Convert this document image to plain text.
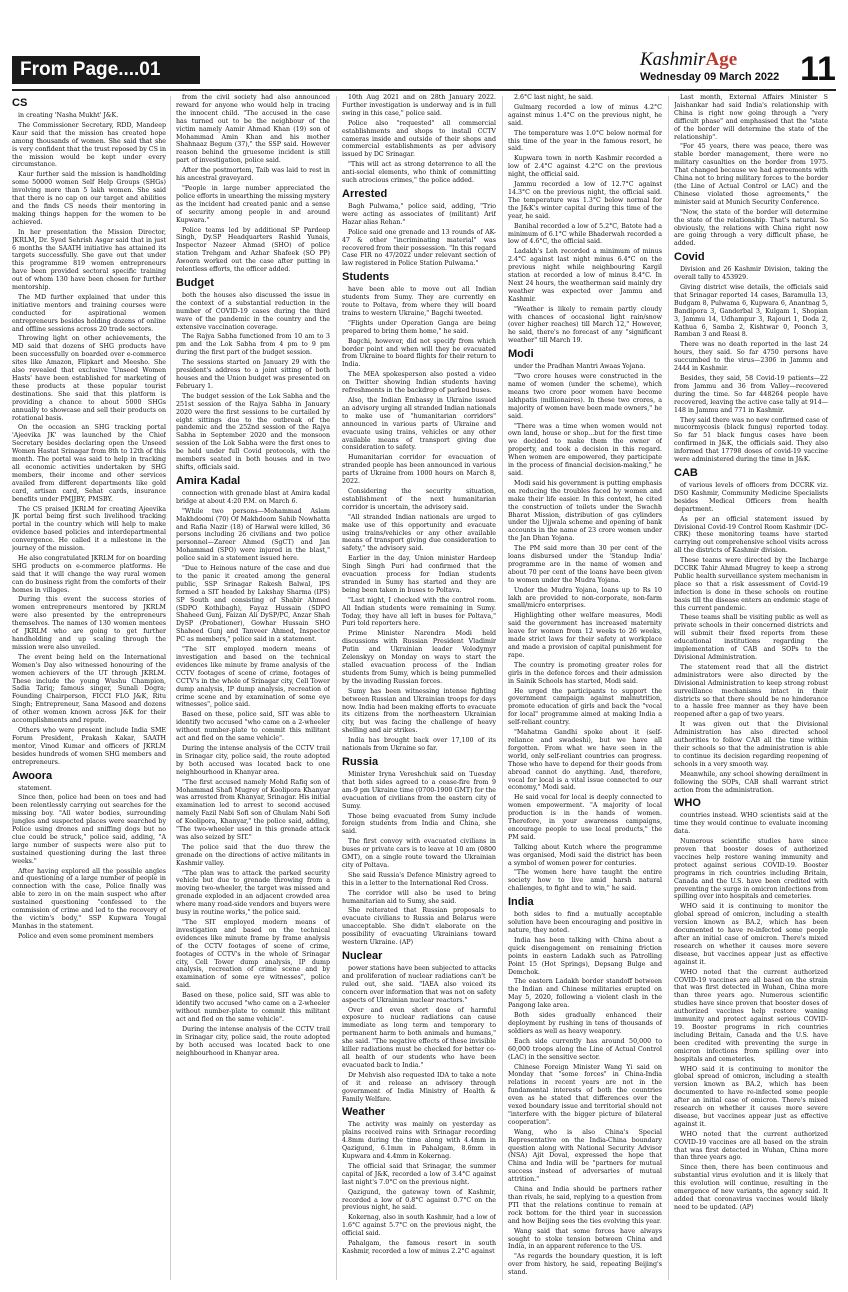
From Page....01	KashmirAge
Wednesday 09 March 2022 11
CS

in creating 'Nasha Mukht' J&K.

The Commissioner Secretary, RDD, Mandeep Kaur said that the mission has created hope among thousands of women. She said that she is very confident that the trust reposed by CS in the mission would be kept under every circumstance.

Kaur further said the mission is handholding some 50000 women Self Help Groups (SHGs) involving more than 5 lakh women. She said that there is no cap on our target and abilities and the finds CS needs their mentoring in making things happen for the women to be achieved.

In her presentation the Mission Director, JKRLM, Dr. Syed Sehrish Asgar said that in just 6 months the SAATH initiative has attained its targets successfully. She gave out that under this programme 819 women entrepreneurs have been provided sectoral specific training out of whom 130 have been chosen for further mentorship.

The MD further explained that under this initiative mentors and training courses were conducted for aspirational women entrepreneurs besides holding dozens of online and offline sessions across 20 trade sectors.

Throwing light on other achievements, the MD said that dozens of SHG products have been successfully on boarded over e-commerce sites like Amazon, Flipkart and Meesho. She also revealed that exclusive 'Unseed Women Hasts' have been established for marketing of these products at these popular tourist destinations. She said that this platform is providing a chance to about 5000 SHGs annually to showcase and sell their products on rotational basis.

On the occasion an SHG tracking portal 'Ajeevika JK' was launched by the Chief Secretary besides declaring open the Unseed Women Hastat Srinagar from 8th to 12th of this month. The portal was said to help in tracking all economic activities undertaken by SHG members, their income and other services availed from different departments like gold card, artisan card, Sehat cards, insurance benefits under PMJJBY, PMSBY.

The CS praised JKRLM for creating Ajeevika JK portal being first such livelihood tracking portal in the country which will help to make evidence based policies and interdepartmental convergence. He called it a milestone in the journey of the mission.

He also congratulated JKRLM for on boarding SHG products on e-commerce platforms. He said that it will change the way rural women can do business right from the comforts of their homes in villages.

During this event the success stories of women entrepreneurs mentored by JKRLM were also presented by the entrepreneurs themselves. The names of 130 women mentees of JKRLM who are going to get further handholding and up scaling through the mission were also unveiled.

The event being held on the International Women's Day also witnessed honouring of the women achievers of the UT through JKRLM. These include the young Wushu Champion, Sadia Tariq; famous singer, Sunali Dogra; Founding Chairperson, FICCI FLO J&K, Ritu Singh; Entrepreneur, Sana Masood and dozens of other women known across J&K for their accomplishments and repute.

Others who were present include India SME Forum President, Prakash Kakar, SAATH mentor, Vinod Kumar and officers of JKRLM besides hundreds of women SHG members and entrepreneurs.

Awoora

statement.

Since then, police had been on toes and had been relentlessly carrying out searches for the missing boy. "All water bodies, surrounding jungles and suspected places were searched by Police using drones and sniffing dogs but no clue could be struck," police said, adding, "A large number of suspects were also put to sustained questioning during the last three weeks."

After having explored all the possible angles and questioning of a large number of people in connection with the case, Police finally was able to zero in on the main suspect who after sustained questioning "confessed to the commission of crime and led to the recovery of the victim's body," SSP Kupwara Yougal Manhas in the statement.

Police and even some prominent members

from the civil society had also announced reward for anyone who would help in tracing the innocent child. "The accused in the case has turned out to be the neighbour of the victim namely Aamir Ahmad Khan (19) son of Mohammad Amin Khan and his mother Shahnaaz Begum (37)," the SSP said. However reason behind the gruesome incident is still part of investigation, police said.

After the postmortem, Taib was laid to rest in his ancestral graveyard.

"People in large number appreciated the police efforts in unearthing the missing mystery as the incident had created panic and a sense of security among people in and around Kupwara."

Police teams led by additional SP Pardeep Singh, Dy.SP Headquarters Rashid Yunais, Inspector Nazeer Ahmad (SHO) of police station Trehgam and Azhar Shafeek (SO PP) Awoora worked out the case after putting in relentless efforts, the officer added.

Budget

both the houses also discussed the issue in the context of a substantial reduction in the number of COVID-19 cases during the third wave of the pandemic in the country and the extensive vaccination coverage.

The Rajya Sabha functioned from 10 am to 3 pm and the Lok Sabha from 4 pm to 9 pm during the first part of the budget session.

The sessions started on January 29 with the president's address to a joint sitting of both houses and the Union budget was presented on February 1.

The budget session of the Lok Sabha and the 251st session of the Rajya Sabha in January 2020 were the first sessions to be curtailed by eight sittings due to the outbreak of the pandemic and the 252nd session of the Rajya Sabha in September 2020 and the monsoon session of the Lok Sabha were the first ones to be held under full Covid protocols, with the members seated in both houses and in two shifts, officials said.

Amira Kadal

connection with grenade blast at Amira kadal bridge at about 4:20 P.M. on March 6.

"While two persons—Mohammad Aslam Makhdoomi (70) Of Makhdoom Sahib Nowhatta and Rafia Nazir (18) of Harwal were killed, 36 persons including 26 civilians and two police personnel—Zareer Ahmed (SgCT) and Jan Mohammad (SPO) were injured in the blast," police said in a statement issued here.

"Due to Heinous nature of the case and due to the panic it created among the general public, SSP Srinagar Rakesh Balwal, IPS formed a SIT headed by Lakshay Sharma (IPS) SP South and consisting of Shabir Ahmed (SDPO Kothibagh), Fayaz Hussain (SDPO Shaheed Gunj, Faizan Ali DySP/PC, Anzar Shah DySP (Probationer), Gowhar Hussain SHO Shaheed Gunj and Tanveer Ahmed, Inspector PC as members," police said in a statement.

"The SIT employed modern means of investigation and based on the technical evidences like minute by frame analysis of the CCTV footages of scene of crime, footages of CCTV's in the whole of Srinagar city, Cell Tower dump analysis, IP dump analysis, recreation of crime scene and by examination of some eye witnesses", police said.

Based on these, police said, SIT was able to identify two accused "who came on a 2-wheeler without number-plate to commit this militant act and fled on the same vehicle".

During the intense analysis of the CCTV trail in Srinagar city, police said, the route adopted by both accused was located back to one neighbourhood in Khanyar area.

"The first accused namely Mohd Rafiq son of Mohammad Shafi Mugrey of Koolipora Khanyar was arrested from Khanyar, Srinagar. His initial examination led to arrest to second accused namely Fazil Nabi Sofi son of Ghulam Nabi Sofi of Koolipora, Khanyar," the police said, adding, "The two-wheeler used in this grenade attack was also seized by SIT."

The police said that the duo threw the grenade on the directions of active militants in Kashmir valley.

"The plan was to attack the parked security vehicle but due to grenade throwing from a moving two-wheeler, the target was missed and grenade exploded in an adjacent crowded area where many road-side vendors and buyers were busy in routine works," the police said.

"The SIT employed modern means of investigation and based on the technical evidences like minute frame by frame analysis of the CCTV footages of scene of crime, footages of CCTV's in the whole of Srinagar city, Cell Tower dump analysis, IP dump analysis, recreation of crime scene and by examination of some eye witnesses", police said.

Based on these, police said, SIT was able to identify two accused "who came on a 2-wheeler without number-plate to commit this militant act and fled on the same vehicle".

During the intense analysis of the CCTV trail in Srinagar city, police said, the route adopted by both accused was located back to one neighbourhood in Khanyar area.

10th Aug 2021 and on 28th January 2022. Further investigation is underway and is in full swing in this case," police said.

Police also "requested" all commercial establishments and shops to install CCTV cameras inside and outside of their shops and commercial establishments as per advisory issued by DC Srinagar.

"This will act as strong deterrence to all the anti-social elements, who think of committing such atrocious crimes," the police added.

Arrested

Bagh Pulwama," police said, adding, "Trio were acting as associates of (militant) Arif Hazar alias Rehan."

Police said one grenade and 13 rounds of AK-47 & other "incriminating material" was recovered from their possession. "In this regard Case FIR no 47/2022 under relevant section of law registered in Police Station Pulwama."

Students

have been able to move out all Indian students from Sumy. They are currently en route to Poltava, from where they will board trains to western Ukraine," Bagchi tweeted.

"Flights under Operation Ganga are being prepared to bring them home," he said.

Bagchi, however, did not specify from which border point and when will they be evacuated from Ukraine to board flights for their return to India.

The MEA spokesperson also posted a video on Twitter showing Indian students having refreshments in the backdrop of parked buses.

Also, the Indian Embassy in Ukraine issued an advisory urging all stranded Indian nationals to make use of "humanitarian corridors" announced in various parts of Ukraine and evacuate using trains, vehicles or any other available means of transport giving due consideration to safety.

Humanitarian corridor for evacuation of stranded people has been announced in various parts of Ukraine from 1000 hours on March 8, 2022.

Considering the security situation, establishment of the next humanitarian corridor is uncertain, the advisory said.

"All stranded Indian nationals are urged to make use of this opportunity and evacuate using trains/vehicles or any other available means of transport giving due consideration to safety," the advisory said.

Earlier in the day, Union minister Hardeep Singh Singh Puri had confirmed that the evacuation process for Indian students stranded in Sumy has started and they are being been taken in buses to Poltava.

"Last night, I checked with the control room. All Indian students were remaining in Sumy. Today, they have all left in buses for Poltava," Puri told reporters here.

Prime Minister Narendra Modi held discussions with Russian President Vladimir Putin and Ukrainian leader Volodymyr Zelenskyy on Monday on ways to start the stalled evacuation process of the Indian students from Sumy, which is being pummelled by the invading Russian forces.

Sumy has been witnessing intense fighting between Russian and Ukrainian troops for days now. India had been making efforts to evacuate its citizens from the northeastern Ukrainian city, but was facing the challenge of heavy shelling and air strikes.

India has brought back over 17,100 of its nationals from Ukraine so far.

Russia

Minister Iryna Vereshchuk said on Tuesday that both sides agreed to a cease-fire from 9 am-9 pm Ukraine time (0700-1900 GMT) for the evacuation of civilians from the eastern city of Sumy.

Those being evacuated from Sumy include foreign students from India and China, she said.

The first convoy with evacuated civilians in buses or private cars is to leave at 10 am (0800 GMT), on a single route toward the Ukrainian city of Poltava.

She said Russia's Defence Ministry agreed to this in a letter to the International Red Cross.

The corridor will also be used to bring humanitarian aid to Sumy, she said.

She reiterated that Russian proposals to evacuate civilians to Russia and Belarus were unacceptable. She didn't elaborate on the possibility of evacuating Ukrainians toward western Ukraine. (AP)

Nuclear

power stations have been subjected to attacks and proliferation of nuclear radiations can't be ruled out, she said. "IAEA also voiced its concern over information that was not on safety aspects of Ukrainian nuclear reactors."

Over and even short dose of harmful exposure to nuclear radiations can cause immediate as long term and temporary to permanent harm to both animals and humans," she said. "The negative effects of these invisible killer radiations must be checked for better co-all health of our students who have been evacuated back to India."

Dr Mehvish also requested IDA to take a note of it and release an advisory through government of India Ministry of Health & Family Welfare.

Weather

The activity was mainly on yesterday as plains received rains with Srinagar recording 4.8mm during the time along with 4.4mm in Qazigund, 6.1mm in Pahalgam, 8.6mm in Kupwara and 4.4mm in Kokernag.

The official said that Srinagar, the summer capital of J&K, recorded a low of 3.4°C against last night's 7.0°C on the previous night.

Qazigund, the gateway town of Kashmir, recorded a low of 0.8°C against 0.7°C on the previous night, he said.

Kokernag, also in south Kashmir, had a low of 1.6°C against 5.7°C on the previous night, the official said.

Pahalgam, the famous resort in south Kashmir, recorded a low of minus 2.2°C against

2.6°C last night, he said.

Gulmarg recorded a low of minus 4.2°C against minus 1.4°C on the previous night, he said.

The temperature was 1.0°C below normal for this time of the year in the famous resort, he said.

Kupwara town in north Kashmir recorded a low of 2.4°C against 4.2°C on the previous night, the official said.

Jammu recorded a low of 12.7°C against 14.3°C on the previous night, the official said. The temperature was 1.3°C below normal for the J&K's winter capital during this time of the year, he said.

Banihal recorded a low of 5.2°C, Batote had a minimum of 6.1°C while Bhaderwah recorded a low of 4.6°C, the official said.

Ladakh's Leh recorded a minimum of minus 2.4°C against last night minus 6.4°C on the previous night while neighbouring Kargil station at recorded a low of minus 8.4°C. In Next 24 hours, the weatherman said mainly dry weather was expected over Jammu and Kashmir.

"Weather is likely to remain partly cloudy with chances of occasional light rain/snow (over higher reaches) till March 12," However, he said, there's no forecast of any "significant weather" till March 19.

Modi

under the Pradhan Mantri Awaas Yojana.

"Two crore houses were constructed in the name of women (under the scheme), which means two crore poor women have become lakhpatis (millionaires). In these two crores, a majority of women have been made owners," he said.

"There was a time when women would not own land, house or shop...but for the first time we decided to make them the owner of property, and took a decision in this regard. When women are empowered, they participate in the process of financial decision-making," he said.

Modi said his government is putting emphasis on reducing the troubles faced by women and make their life easier. In this context, he cited the construction of toilets under the Swachh Bharat Mission, distribution of gas cylinders under the Ujjwala scheme and opening of bank accounts in the name of 23 crore women under the Jan Dhan Yojana.

The PM said more than 30 per cent of the loans disbursed under the 'Standup India' programme are in the name of women and about 70 per cent of the loans have been given to women under the Mudra Yojana.

Under the Mudra Yojana, loans up to Rs 10 lakh are provided to non-corporate, non-farm small/micro enterprises.

Highlighting other welfare measures, Modi said the government has increased maternity leave for women from 12 weeks to 26 weeks, made strict laws for their safety at workplace and made a provision of capital punishment for rape.

The country is promoting greater roles for girls in the defence forces and their admission in Sainik Schools has started, Modi said.

He urged the participants to support the government campaign against malnutrition, promote education of girls and back the "vocal for local" programme aimed at making India a self-reliant country.

"Mahatma Gandhi spoke about it (self-reliance and swadeshi), but we have all forgotten. From what we have seen in the world, only self-reliant countries can progress. Those who have to depend for their goods from abroad cannot do anything. And, therefore, vocal for local is a vital issue connected to our economy," Modi said.

He said vocal for local is deeply connected to women empowerment. "A majority of local production is in the hands of women. Therefore, in your awareness campaigns, encourage people to use local products," the PM said.

Talking about Kutch where the programme was organised, Modi said the district has been a symbol of women power for centuries.

"The women here have taught the entire society how to live amid harsh natural challenges, to fight and to win," he said.

India

both sides to find a mutually acceptable solution have been encouraging and positive in nature, they noted.

India has been talking with China about a quick disengagement on remaining friction points in eastern Ladakh such as Patrolling Point 15 (Hot Springs), Depsang Bulge and Demchok.

The eastern Ladakh border standoff between the Indian and Chinese militaries erupted on May 5, 2020, following a violent clash in the Pangong lake area.

Both sides gradually enhanced their deployment by rushing in tens of thousands of soldiers as well as heavy weaponry.

Each side currently has around 50,000 to 60,000 troops along the Line of Actual Control (LAC) in the sensitive sector.

Chinese Foreign Minister Wang Yi said on Monday that "some forces" in China-India relations in recent years are not in the fundamental interests of both the countries even as he stated that differences over the vexed boundary issue and territorial should not "interfere with the bigger picture of bilateral cooperation".

Wang, who is also China's Special Representative on the India-China boundary question along with National Security Advisor (NSA) Ajit Doval, expressed the hope that China and India will be "partners for mutual success instead of adversaries of mutual attrition."

China and India should be partners rather than rivals, he said, replying to a question from PTI that the relations continue to remain at rock bottom for the third year in succession and how Beijing sees the ties evolving this year.

Wang said that some forces have always sought to stoke tension between China and India, in an apparent reference to the US.

"As regards the boundary question, it is left over from history, he said, repeating Beijing's stand.

Last month, External Affairs Minister S Jaishankar had said India's relationship with China is right now going through a "very difficult phase" and emphasised that the "state of the border will determine the state of the relationship".

"For 45 years, there was peace, there was stable border management, there were no military casualties on the border from 1975. That changed because we had agreements with China not to bring military forces to the border (the Line of Actual Control or LAC) and the Chinese violated those agreements," the minister said at Munich Security Conference.

"Now, the state of the border will determine the state of the relationship. That's natural. So obviously, the relations with China right now are going through a very difficult phase, he added.

Covid

Division and 26 Kashmir Division, taking the overall tally to 453929.

Giving district wise details, the officials said that Srinagar reported 14 cases, Baramulla 13, Budgam 8, Pulwama 6, Kupwara 6, Anantnag 5, Bandipora 3, Ganderbal 3, Kulgam 1, Shopian 3, Jammu 14, Udhampur 3, Rajouri 1, Doda 2, Kathua 6, Samba 2, Kishtwar 0, Poonch 3, Ramban 3 and Reasi 8.

There was no death reported in the last 24 hours, they said. So far 4750 persons have succumbed to the virus—2306 in Jammu and 2444 in Kashmir.

Besides, they said, 58 Covid-19 patients—22 from Jammu and 36 from Valley—recovered during the time. So far 448264 people have recovered, leaving the active case tally at 914—148 in Jammu and 771 in Kashmir.

They said there was no new confirmed case of mucormycosis (black fungus) reported today. So far 51 black fungus cases have been confirmed in J&K, the officials said. They also informed that 17798 doses of covid-19 vaccine were administered during the time in J&K.

CAB

of various levels of officers from DCCRK viz. DSO Kashmir, Community Medicine Specialists besides Medical Officers from health department.

As per an official statement issued by Divisional Covid-19 Control Room Kashmir (DC-CRK) these monitoring teams have started carrying out comprehensive school visits across all the districts of Kashmir division.

These teams were directed by the Incharge DCCRK Tahir Ahmad Mugrey to keep a strong Public health surveillance system mechanism in place so that a risk assessment of Covid-19 infection is done in these schools on routine basis till the disease enters an endemic stage of this current pandemic.

These teams shall be visiting public as well as private schools in their concerned districts and will submit their fixed reports from these educational institutions regarding the implementation of CAB and SOPs to the Divisional Administration.

The statement read that all the district administrators were also directed by the Divisional Administration to keep strong robust surveillance mechanisms intact in their districts so that there should be no hinderance to a hassle free manner as they have been reopened after a gap of two years.

It was given out that the Divisional Administration has also directed school authorities to follow CAB all the time within their schools so that the administration is able to continue its decision regarding reopening of schools in a very smooth way.

Meanwhile, any school showing derailment in following the SOPs, CAB shall warrant strict action from the administration.

WHO

countries instead. WHO scientists said at the time they would continue to evaluate incoming data.

Numerous scientific studies have since proven that booster doses of authorized vaccines help restore waning immunity and protect against serious COVID-19. Booster programs in rich countries including Britain, Canada and the U.S. have been credited with preventing the surge in omicron infections from spilling over into hospitals and cemeteries.

WHO said it is continuing to monitor the global spread of omicron, including a stealth version known as BA.2, which has been documented to have re-infected some people after an initial case of omicron. There's mixed research on whether it causes more severe disease, but vaccines appear just as effective against it.

WHO noted that the current authorized COVID-19 vaccines are all based on the strain that was first detected in Wuhan, China more than three years ago. Numerous scientific studies have since proven that booster doses of authorized vaccines help restore waning immunity and protect against serious COVID-19. Booster programs in rich countries including Britain, Canada and the U.S. have been credited with preventing the surge in omicron infections from spilling over into hospitals and cemeteries.

WHO said it is continuing to monitor the global spread of omicron, including a stealth version known as BA.2, which has been documented to have re-infected some people after an initial case of omicron. There's mixed research on whether it causes more severe disease, but vaccines appear just as effective against it.

WHO noted that the current authorized COVID-19 vaccines are all based on the strain that was first detected in Wuhan, China more than three years ago.

Since then, there has been continuous and substantial virus evolution and it is likely that this evolution will continue, resulting in the emergence of new variants, the agency said. It added that coronavirus vaccines would likely need to be updated. (AP)
